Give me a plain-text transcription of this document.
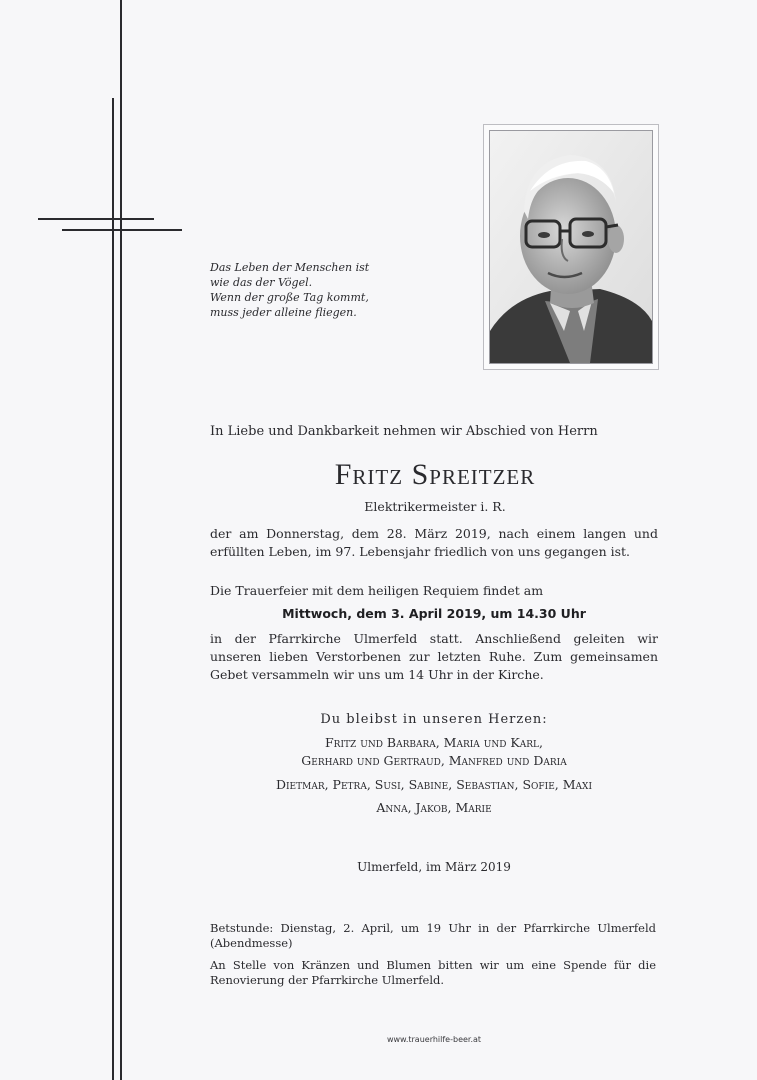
Das Leben der Menschen ist
wie das der Vögel.
Wenn der große Tag kommt,
muss jeder alleine fliegen.
In Liebe und Dankbarkeit nehmen wir Abschied von Herrn
Fritz Spreitzer
Elektrikermeister i. R.
der am Donnerstag, dem 28. März 2019, nach einem langen und
erfüllten Leben, im 97. Lebensjahr friedlich von uns gegangen ist.
Die Trauerfeier mit dem heiligen Requiem findet am
Mittwoch, dem 3. April 2019, um 14.30 Uhr
in der Pfarrkirche Ulmerfeld statt. Anschließend geleiten wir
unseren lieben Verstorbenen zur letzten Ruhe. Zum gemeinsamen
Gebet versammeln wir uns um 14 Uhr in der Kirche.
Du bleibst in unseren Herzen:
Fritz und Barbara, Maria und Karl,
Gerhard und Gertraud, Manfred und Daria
Dietmar, Petra, Susi, Sabine, Sebastian, Sofie, Maxi
Anna, Jakob, Marie
Ulmerfeld, im März 2019
Betstunde: Dienstag, 2. April, um 19 Uhr in der Pfarrkirche Ulmerfeld
(Abendmesse)
An Stelle von Kränzen und Blumen bitten wir um eine Spende für die
Renovierung der Pfarrkirche Ulmerfeld.
www.trauerhilfe-beer.at
